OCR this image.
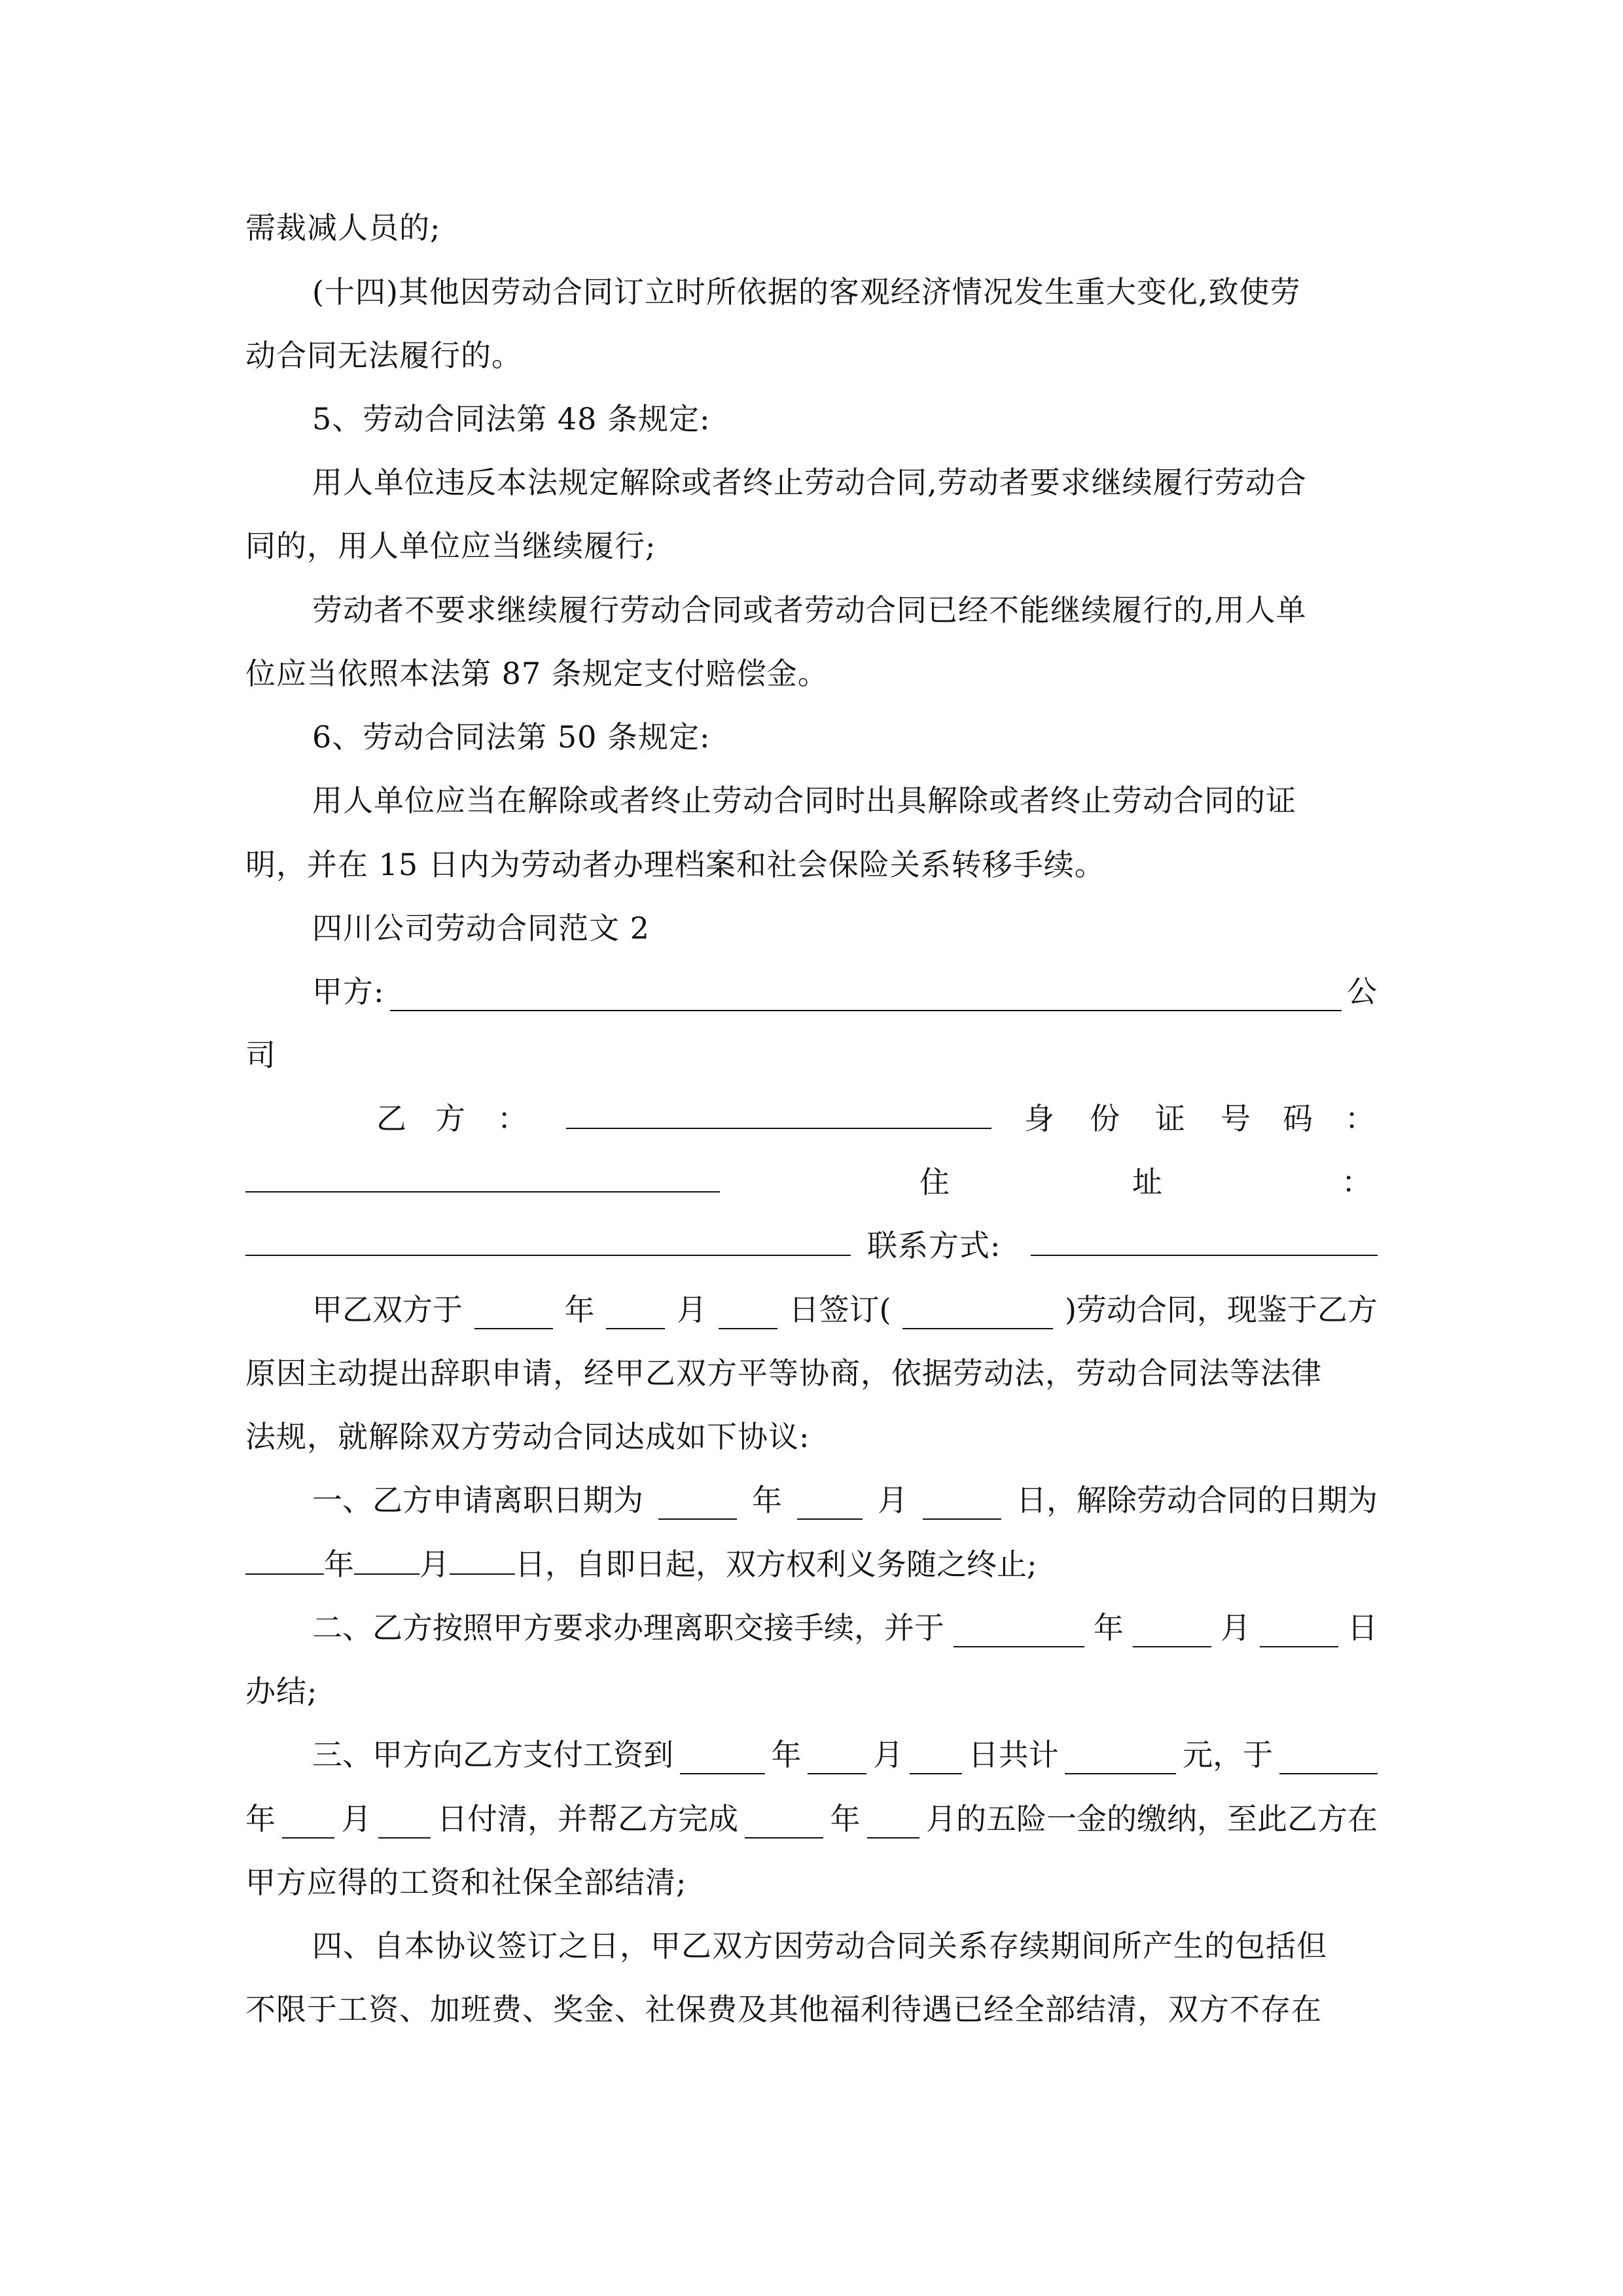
需裁减人员的;
(十四)其他因劳动合同订立时所依据的客观经济情况发生重大变化,致使劳
动合同无法履行的。
5、劳动合同法第 48 条规定:
用人单位违反本法规定解除或者终止劳动合同,劳动者要求继续履行劳动合
同的，用人单位应当继续履行;
劳动者不要求继续履行劳动合同或者劳动合同已经不能继续履行的,用人单
位应当依照本法第 87 条规定支付赔偿金。
6、劳动合同法第 50 条规定:
用人单位应当在解除或者终止劳动合同时出具解除或者终止劳动合同的证
明，并在 15 日内为劳动者办理档案和社会保险关系转移手续。
四川公司劳动合同范文 2
甲方:	公
司
乙 方 ：	身 份 证 号 码 ：
住	址	：
联系方式:
甲乙双方于	年	月	日签订(	)劳动合同，现鉴于乙方
原因主动提出辞职申请，经甲乙双方平等协商，依据劳动法，劳动合同法等法律
法规，就解除双方劳动合同达成如下协议:
一、乙方申请离职日期为	年	月	日，解除劳动合同的日期为
年 月 日，自即日起，双方权利义务随之终止;
二、乙方按照甲方要求办理离职交接手续，并于	年	月	日
办结;
三、甲方向乙方支付工资到	年 月 日共计	元，于
年 月 日付清，并帮乙方完成	年 月的五险一金的缴纳，至此乙方在
甲方应得的工资和社保全部结清;
四、自本协议签订之日，甲乙双方因劳动合同关系存续期间所产生的包括但
不限于工资、加班费、奖金、社保费及其他福利待遇已经全部结清，双方不存在
